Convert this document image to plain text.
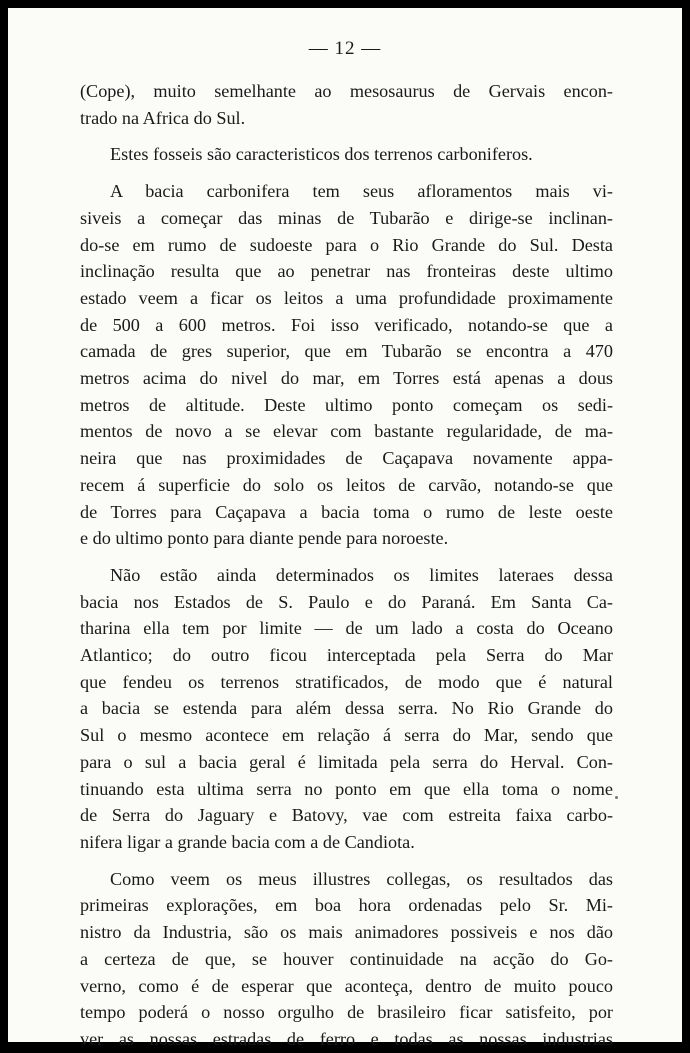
— 12 —
(Cope), muito semelhante ao mesosaurus de Gervais encon-
trado na Africa do Sul.
Estes fosseis são caracteristicos dos terrenos carboniferos.
A bacia carbonifera tem seus afloramentos mais vi-
siveis a começar das minas de Tubarão e dirige-se inclinan-
do-se em rumo de sudoeste para o Rio Grande do Sul. Desta
inclinação resulta que ao penetrar nas fronteiras deste ultimo
estado veem a ficar os leitos a uma profundidade proximamente
de 500 a 600 metros. Foi isso verificado, notando-se que a
camada de gres superior, que em Tubarão se encontra a 470
metros acima do nivel do mar, em Torres está apenas a dous
metros de altitude. Deste ultimo ponto começam os sedi-
mentos de novo a se elevar com bastante regularidade, de ma-
neira que nas proximidades de Caçapava novamente appa-
recem á superficie do solo os leitos de carvão, notando-se que
de Torres para Caçapava a bacia toma o rumo de leste oeste
e do ultimo ponto para diante pende para noroeste.
Não estão ainda determinados os limites lateraes dessa
bacia nos Estados de S. Paulo e do Paraná. Em Santa Ca-
tharina ella tem por limite — de um lado a costa do Oceano
Atlantico; do outro ficou interceptada pela Serra do Mar
que fendeu os terrenos stratificados, de modo que é natural
a bacia se estenda para além dessa serra. No Rio Grande do
Sul o mesmo acontece em relação á serra do Mar, sendo que
para o sul a bacia geral é limitada pela serra do Herval. Con-
tinuando esta ultima serra no ponto em que ella toma o nome
de Serra do Jaguary e Batovy, vae com estreita faixa carbo-
nifera ligar a grande bacia com a de Candiota.
Como veem os meus illustres collegas, os resultados das
primeiras explorações, em boa hora ordenadas pelo Sr. Mi-
nistro da Industria, são os mais animadores possiveis e nos dão
a certeza de que, se houver continuidade na acção do Go-
verno, como é de esperar que aconteça, dentro de muito pouco
tempo poderá o nosso orgulho de brasileiro ficar satisfeito, por
ver as nossas estradas de ferro e todas as nossas industrias
